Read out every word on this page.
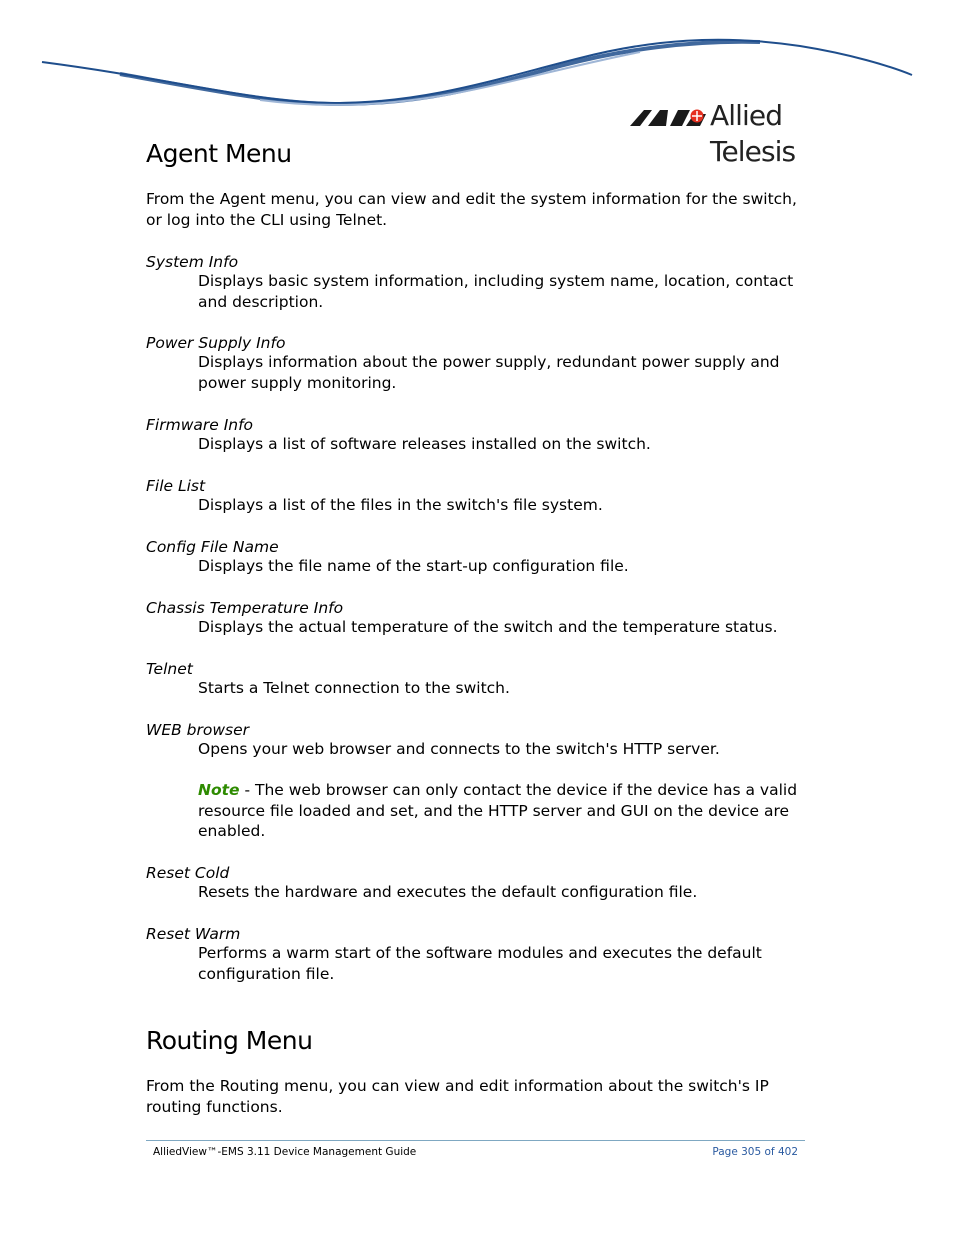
Allied Telesis
Agent Menu

From the Agent menu, you can view and edit the system information for the switch, or log into the CLI using Telnet.

System Info

Displays basic system information, including system name, location, contact and description.

Power Supply Info

Displays information about the power supply, redundant power supply and power supply monitoring.

Firmware Info

Displays a list of software releases installed on the switch.

File List

Displays a list of the files in the switch's file system.

Config File Name

Displays the file name of the start-up configuration file.

Chassis Temperature Info

Displays the actual temperature of the switch and the temperature status.

Telnet

Starts a Telnet connection to the switch.

WEB browser

Opens your web browser and connects to the switch's HTTP server.

Note - The web browser can only contact the device if the device has a valid resource file loaded and set, and the HTTP server and GUI on the device are enabled.

Reset Cold

Resets the hardware and executes the default configuration file.

Reset Warm

Performs a warm start of the software modules and executes the default configuration file.

Routing Menu

From the Routing menu, you can view and edit information about the switch's IP routing functions.

AlliedView™-EMS 3.11 Device Management Guide	Page 305 of 402
